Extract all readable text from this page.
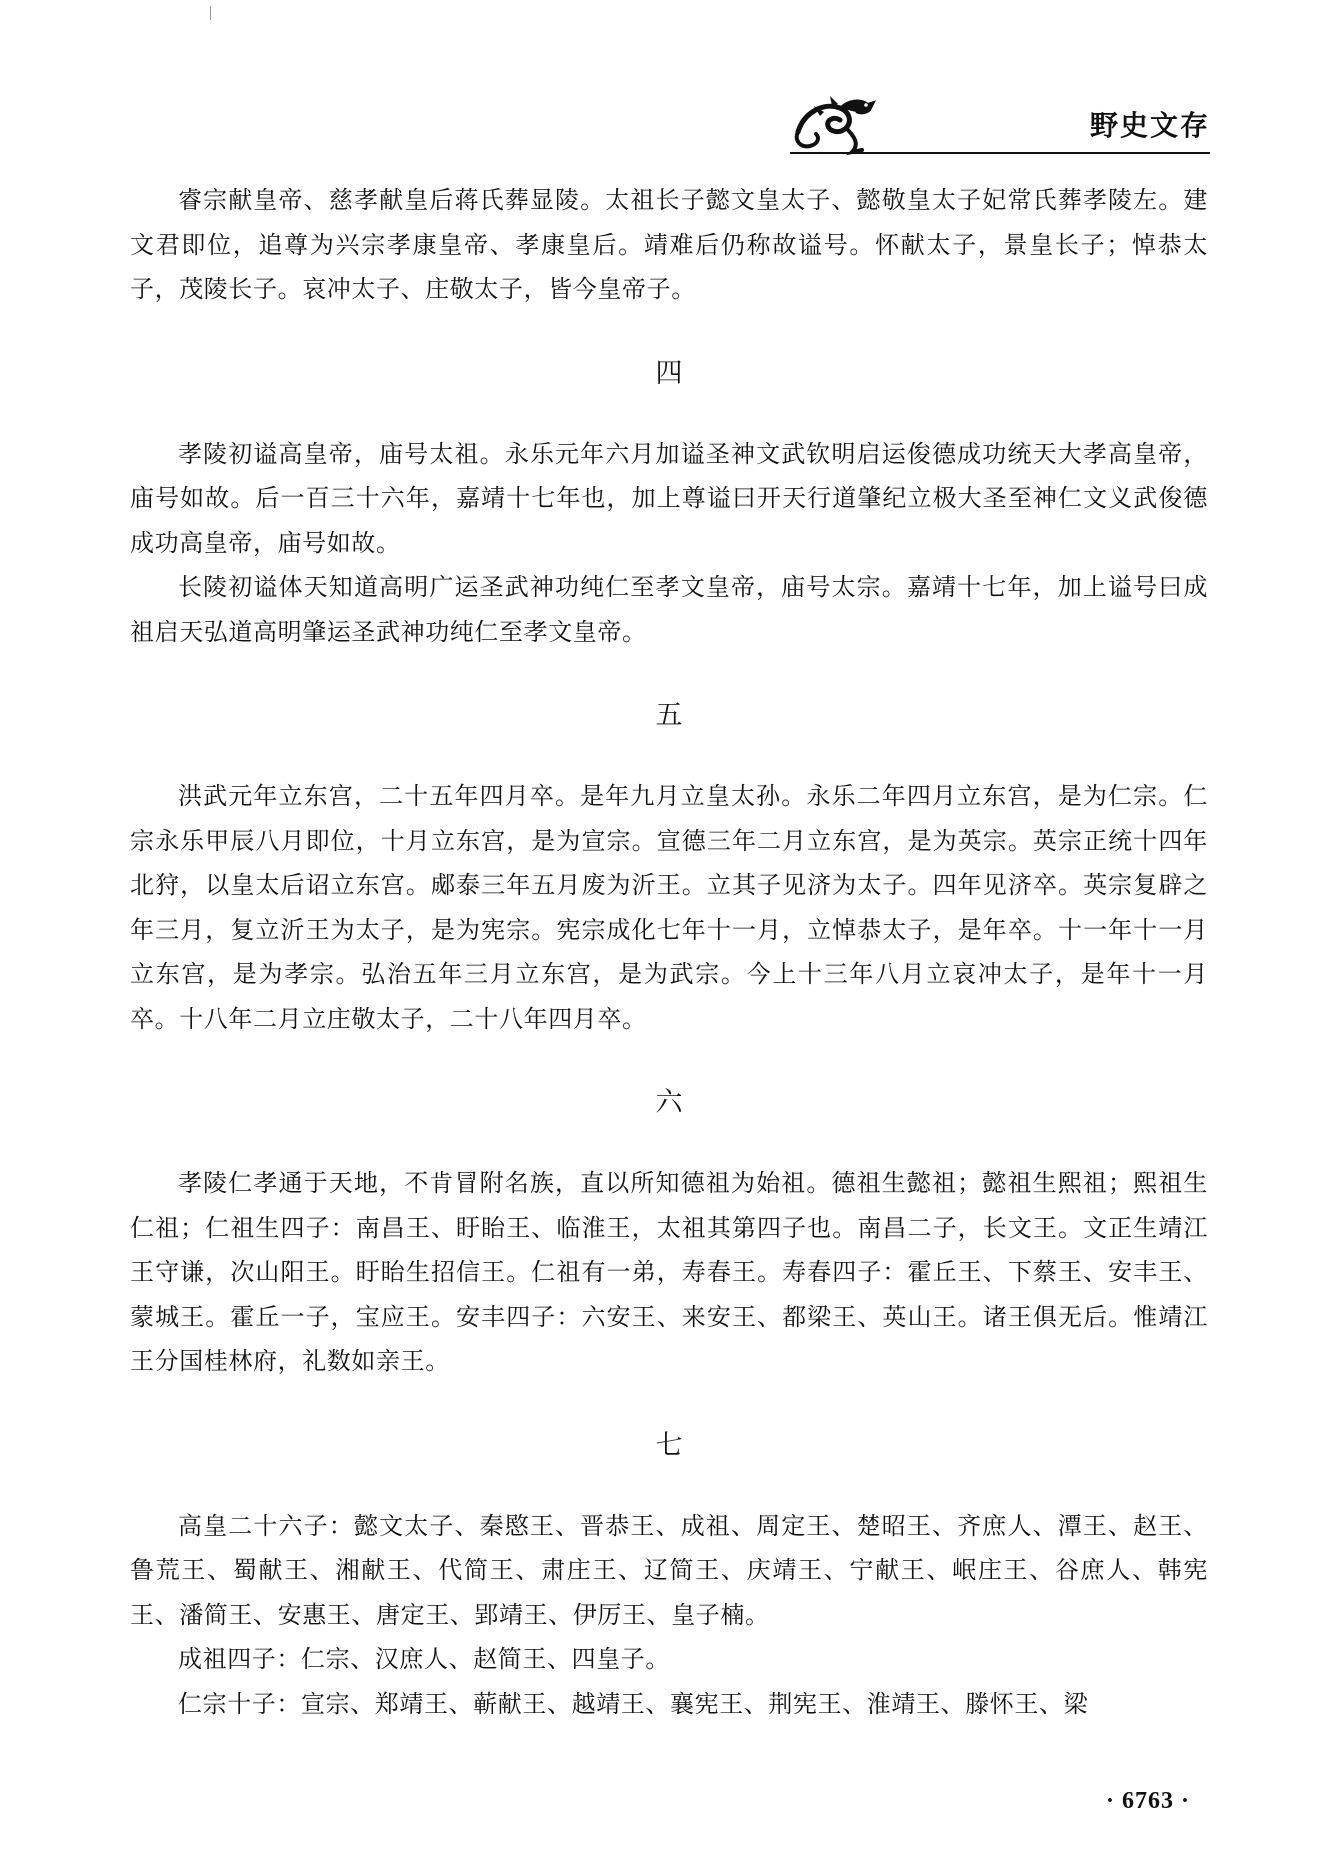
野史文存

睿宗献皇帝、慈孝献皇后蒋氏葬显陵。太祖长子懿文皇太子、懿敬皇太子妃常氏葬孝陵左。建文君即位，追尊为兴宗孝康皇帝、孝康皇后。靖难后仍称故谥号。怀献太子，景皇长子；悼恭太子，茂陵长子。哀冲太子、庄敬太子，皆今皇帝子。

四

孝陵初谥高皇帝，庙号太祖。永乐元年六月加谥圣神文武钦明启运俊德成功统天大孝高皇帝，庙号如故。后一百三十六年，嘉靖十七年也，加上尊谥曰开天行道肇纪立极大圣至神仁文义武俊德成功高皇帝，庙号如故。

长陵初谥体天知道高明广运圣武神功纯仁至孝文皇帝，庙号太宗。嘉靖十七年，加上谥号曰成祖启天弘道高明肇运圣武神功纯仁至孝文皇帝。

五

洪武元年立东宫，二十五年四月卒。是年九月立皇太孙。永乐二年四月立东宫，是为仁宗。仁宗永乐甲辰八月即位，十月立东宫，是为宣宗。宣德三年二月立东宫，是为英宗。英宗正统十四年北狩，以皇太后诏立东宫。郕泰三年五月废为沂王。立其子见济为太子。四年见济卒。英宗复辟之年三月，复立沂王为太子，是为宪宗。宪宗成化七年十一月，立悼恭太子，是年卒。十一年十一月立东宫，是为孝宗。弘治五年三月立东宫，是为武宗。今上十三年八月立哀冲太子，是年十一月卒。十八年二月立庄敬太子，二十八年四月卒。

六

孝陵仁孝通于天地，不肯冒附名族，直以所知德祖为始祖。德祖生懿祖；懿祖生熙祖；熙祖生仁祖；仁祖生四子：南昌王、盱眙王、临淮王，太祖其第四子也。南昌二子，长文王。文正生靖江王守谦，次山阳王。盱眙生招信王。仁祖有一弟，寿春王。寿春四子：霍丘王、下蔡王、安丰王、蒙城王。霍丘一子，宝应王。安丰四子：六安王、来安王、都梁王、英山王。诸王俱无后。惟靖江王分国桂林府，礼数如亲王。

七

高皇二十六子：懿文太子、秦愍王、晋恭王、成祖、周定王、楚昭王、齐庶人、潭王、赵王、鲁荒王、蜀献王、湘献王、代简王、肃庄王、辽简王、庆靖王、宁献王、岷庄王、谷庶人、韩宪王、潘简王、安惠王、唐定王、郢靖王、伊厉王、皇子楠。

成祖四子：仁宗、汉庶人、赵简王、四皇子。

仁宗十子：宣宗、郑靖王、蕲献王、越靖王、襄宪王、荆宪王、淮靖王、滕怀王、梁

· 6763 ·
